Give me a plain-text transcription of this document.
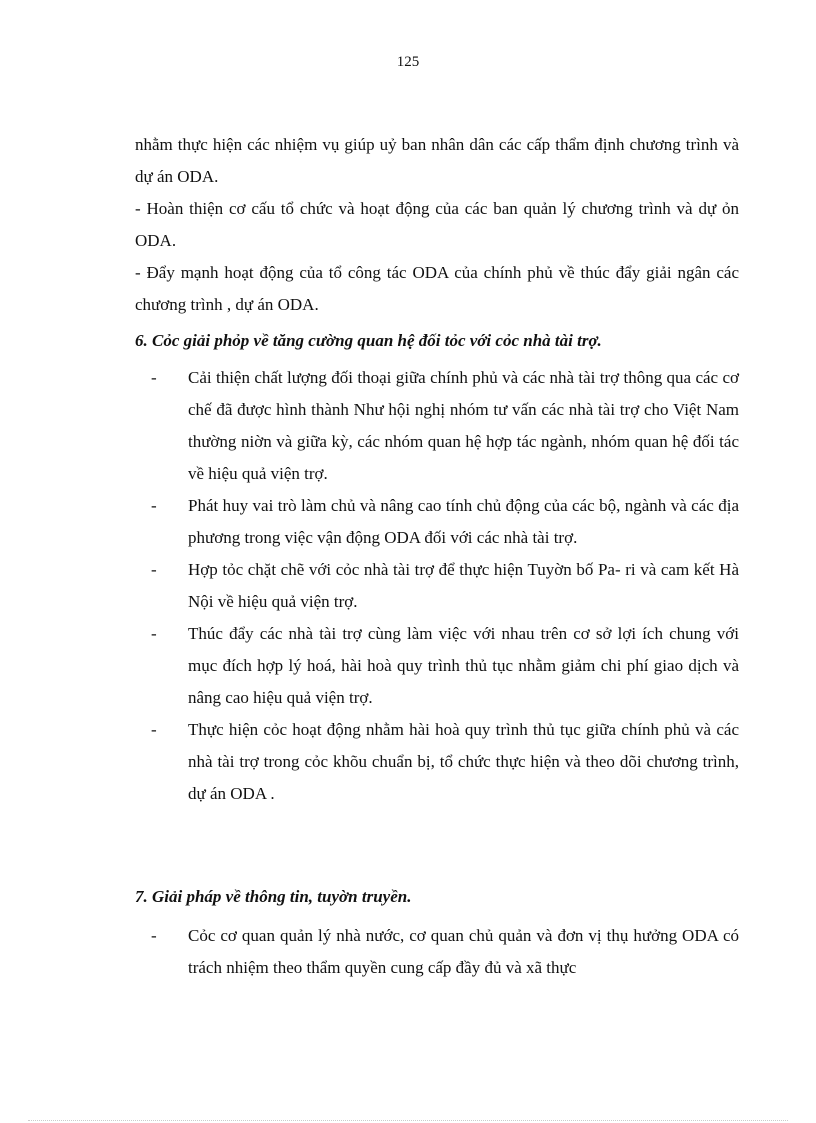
125

nhằm thực hiện các nhiệm vụ giúp uỷ ban nhân dân các cấp thẩm định chương trình và dự án ODA.

- Hoàn thiện cơ cấu tổ chức và hoạt động của các ban quản lý chương trình và dự ỏn ODA.

- Đẩy mạnh hoạt động của tổ công tác ODA của chính phủ về thúc đẩy giải ngân các chương trình , dự án ODA.

6. Cỏc giải phỏp về tăng cường quan hệ đối tỏc với cỏc nhà tài trợ.

- Cải thiện chất lượng đối thoại giữa chính phủ và các nhà tài trợ thông qua các cơ chế đã được hình thành Như hội nghị nhóm tư vấn các nhà tài trợ cho Việt Nam thường niờn và giữa kỳ, các nhóm quan hệ hợp tác ngành, nhóm quan hệ đối tác về hiệu quả viện trợ.
- Phát huy vai trò làm chủ và nâng cao tính chủ động của các bộ, ngành và các địa phương trong việc vận động ODA đối với các nhà tài trợ.
- Hợp tỏc chặt chẽ với cỏc nhà tài trợ để thực hiện Tuyờn bố Pa- ri và cam kết Hà Nội về hiệu quả viện trợ.
- Thúc đẩy các nhà tài trợ cùng làm việc với nhau trên cơ sở lợi ích chung với mục đích hợp lý hoá, hài hoà quy trình thủ tục nhằm giảm chi phí giao dịch và nâng cao hiệu quả viện trợ.
- Thực hiện cỏc hoạt động nhằm hài hoà quy trình thủ tục giữa chính phủ và các nhà tài trợ trong cỏc khõu chuẩn bị, tổ chức thực hiện và theo dõi chương trình, dự án ODA .

7. Giải pháp về thông tin, tuyờn truyền.

- Cỏc cơ quan quản lý nhà nước, cơ quan chủ quản và đơn vị thụ hưởng ODA có trách nhiệm theo thẩm quyền cung cấp đầy đủ và xã thực
